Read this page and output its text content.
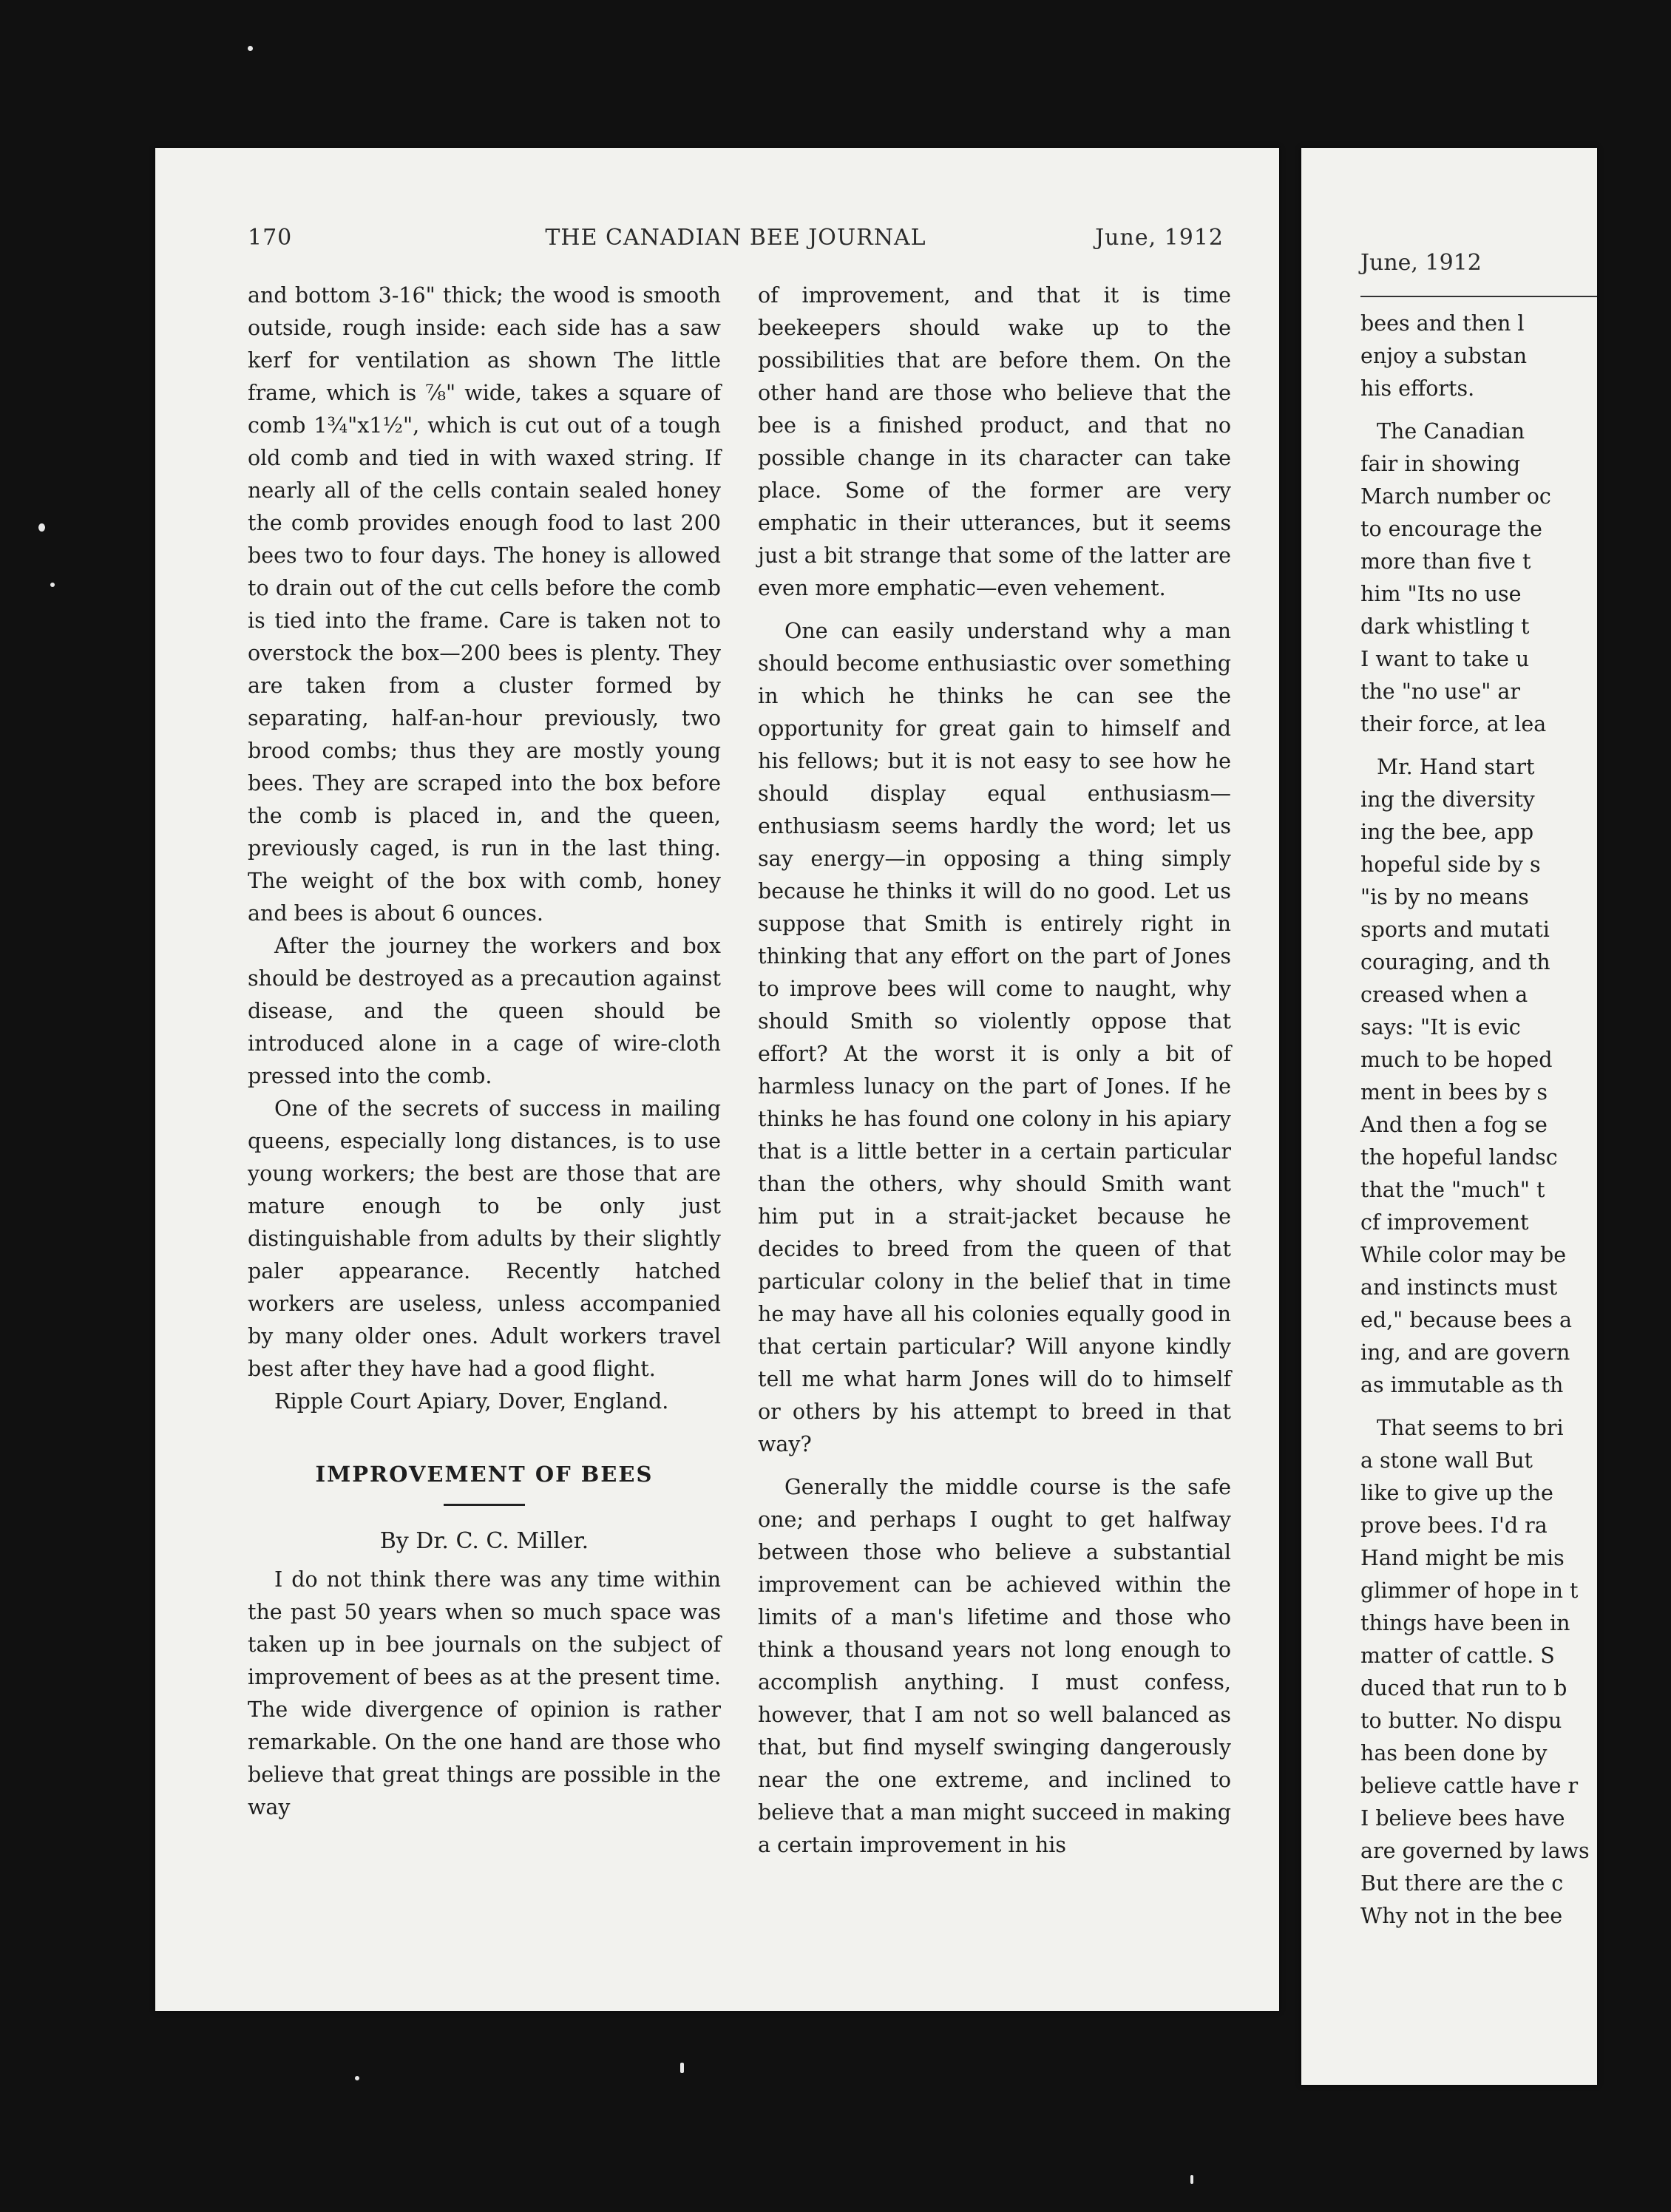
170	THE CANADIAN BEE JOURNAL	June, 1912

and bottom 3-16" thick; the wood is smooth outside, rough inside: each side has a saw kerf for ventilation as shown The little frame, which is ⅞" wide, takes a square of comb 1¾"x1½", which is cut out of a tough old comb and tied in with waxed string. If nearly all of the cells contain sealed honey the comb provides enough food to last 200 bees two to four days. The honey is allowed to drain out of the cut cells before the comb is tied into the frame. Care is taken not to overstock the box—200 bees is plenty. They are taken from a cluster formed by separating, half-an-hour previously, two brood combs; thus they are mostly young bees. They are scraped into the box before the comb is placed in, and the queen, previously caged, is run in the last thing. The weight of the box with comb, honey and bees is about 6 ounces.

After the journey the workers and box should be destroyed as a precaution against disease, and the queen should be introduced alone in a cage of wire-cloth pressed into the comb.

One of the secrets of success in mailing queens, especially long distances, is to use young workers; the best are those that are mature enough to be only just distinguishable from adults by their slightly paler appearance. Recently hatched workers are useless, unless accompanied by many older ones. Adult workers travel best after they have had a good flight.

Ripple Court Apiary, Dover, England.

IMPROVEMENT OF BEES
By Dr. C. C. Miller.

I do not think there was any time within the past 50 years when so much space was taken up in bee journals on the subject of improvement of bees as at the present time. The wide divergence of opinion is rather remarkable. On the one hand are those who believe that great things are possible in the way

of improvement, and that it is time beekeepers should wake up to the possibilities that are before them. On the other hand are those who believe that the bee is a finished product, and that no possible change in its character can take place. Some of the former are very emphatic in their utterances, but it seems just a bit strange that some of the latter are even more emphatic—even vehement.

One can easily understand why a man should become enthusiastic over something in which he thinks he can see the opportunity for great gain to himself and his fellows; but it is not easy to see how he should display equal enthusiasm—enthusiasm seems hardly the word; let us say energy—in opposing a thing simply because he thinks it will do no good. Let us suppose that Smith is entirely right in thinking that any effort on the part of Jones to improve bees will come to naught, why should Smith so violently oppose that effort? At the worst it is only a bit of harmless lunacy on the part of Jones. If he thinks he has found one colony in his apiary that is a little better in a certain particular than the others, why should Smith want him put in a strait-jacket because he decides to breed from the queen of that particular colony in the belief that in time he may have all his colonies equally good in that certain particular? Will anyone kindly tell me what harm Jones will do to himself or others by his attempt to breed in that way?

Generally the middle course is the safe one; and perhaps I ought to get halfway between those who believe a substantial improvement can be achieved within the limits of a man's lifetime and those who think a thousand years not long enough to accomplish anything. I must confess, however, that I am not so well balanced as that, but find myself swinging dangerously near the one extreme, and inclined to believe that a man might succeed in making a certain improvement in his

June, 1912
bees and then l
enjoy a substan
his efforts.
The Canadian
fair in showing
March number oc
to encourage the
more than five t
him "Its no use
dark whistling t
I want to take u
the "no use" ar
their force, at lea
Mr. Hand start
ing the diversity
ing the bee, app
hopeful side by s
"is by no means
sports and mutati
couraging, and th
creased when a
says: "It is evic
much to be hoped
ment in bees by s
And then a fog se
the hopeful landsc
that the "much" t
cf improvement
While color may be
and instincts must
ed," because bees a
ing, and are govern
as immutable as th
That seems to bri
a stone wall But
like to give up the
prove bees. I'd ra
Hand might be mis
glimmer of hope in t
things have been in
matter of cattle. S
duced that run to b
to butter. No dispu
has been done by
believe cattle have r
I believe bees have
are governed by laws
But there are the c
Why not in the bee
